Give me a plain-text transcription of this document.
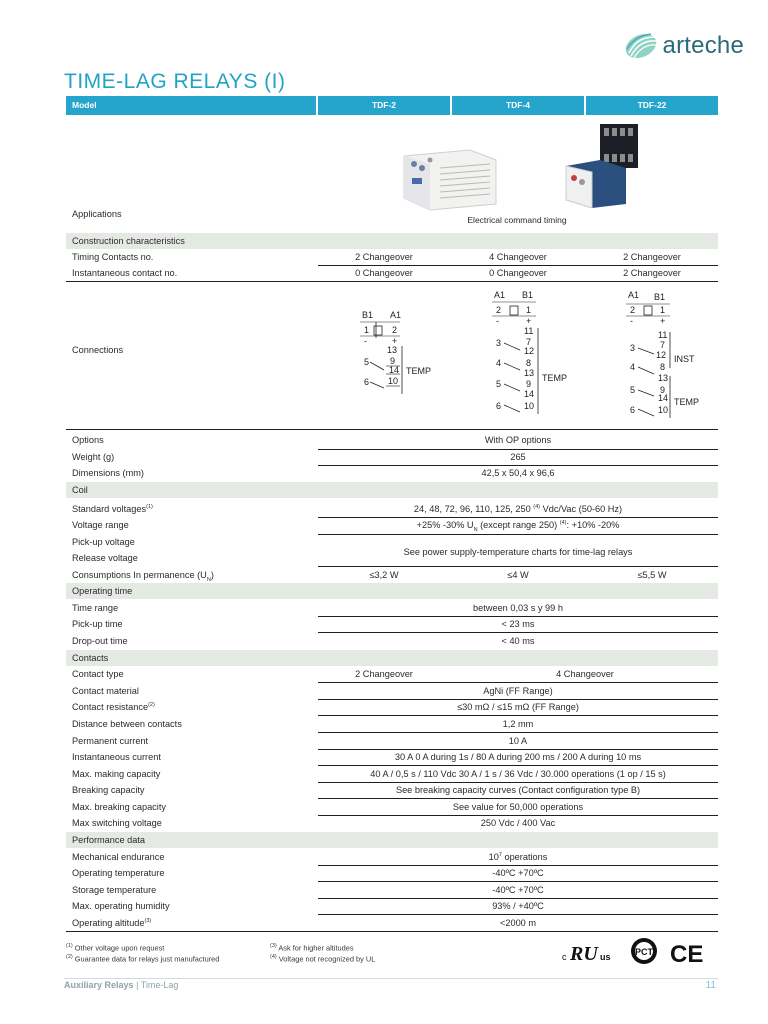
arteche
TIME-LAG RELAYS (I)
Model	TDF-2	TDF-4	TDF-22
Applications
Electrical command timing
Construction characteristics
Timing Contacts no.	2 Changeover	4 Changeover	2 Changeover
Instantaneous contact no.	0 Changeover	0 Changeover	2 Changeover
Connections
B1 A1
1	2
-	+
13
5 9
14
6 10
TEMP
A1 B1
2	1
-	+
11
3	7
12
4	8
13
5	9
14
6	10
TEMP
A1 B1
2	1
-	+
11
3	7
12
4	8
13
5	9
14
6	10
INST
TEMP
Options	With OP options
Weight (g)	265
Dimensions (mm)	42,5 x 50,4 x 96,6
Coil
Standard voltages$^{(1)}$	24, 48, 72, 96, 110, 125, 250 $^{(4)}$ Vdc/Vac (50-60 Hz)
Voltage range	+25% -30% $U_N$ (except range 250) $^{(4)}$: +10% -20%
Pick-up voltage
Release voltage
See power supply-temperature charts for time-lag relays
Consumptions In permanence $(U_N)$	≤3,2 W	≤4 W	≤5,5 W
Operating time
Time range	between 0,03 s y 99 h
Pick-up time	< 23 ms
Drop-out time	< 40 ms
Contacts
Contact type	2 Changeover	4 Changeover
Contact material	AgNi (FF Range)
Contact resistance$^{(2)}$	≤30 mΩ / ≤15 mΩ (FF Range)
Distance between contacts	1,2 mm
Permanent current	10 A
Instantaneous current	30 A 0 A during 1s / 80 A during 200 ms / 200 A during 10 ms
Max. making capacity	40 A / 0,5 s / 110 Vdc 30 A / 1 s / 36 Vdc / 30.000 operations (1 op / 15 s)
Breaking capacity	See breaking capacity curves (Contact configuration type B)
Max. breaking capacity	See value for 50,000 operations
Max switching voltage	250 Vdc / 400 Vac
Performance data
Mechanical endurance	$10^7$ operations
Operating temperature	-40ºC +70ºC
Storage temperature	-40ºC +70ºC
Max. operating humidity	93% / +40ºC
Operating altitude$^{(3)}$	<2000 m
$^{(1)}$ Other voltage upon request
$^{(2)}$ Guarantee data for relays just manufactured
$^{(3)}$ Ask for higher altitudes
$^{(4)}$ Voltage not recognized by UL	c RU us	PCT CE
Auxiliary Relays | Time-Lag	11
